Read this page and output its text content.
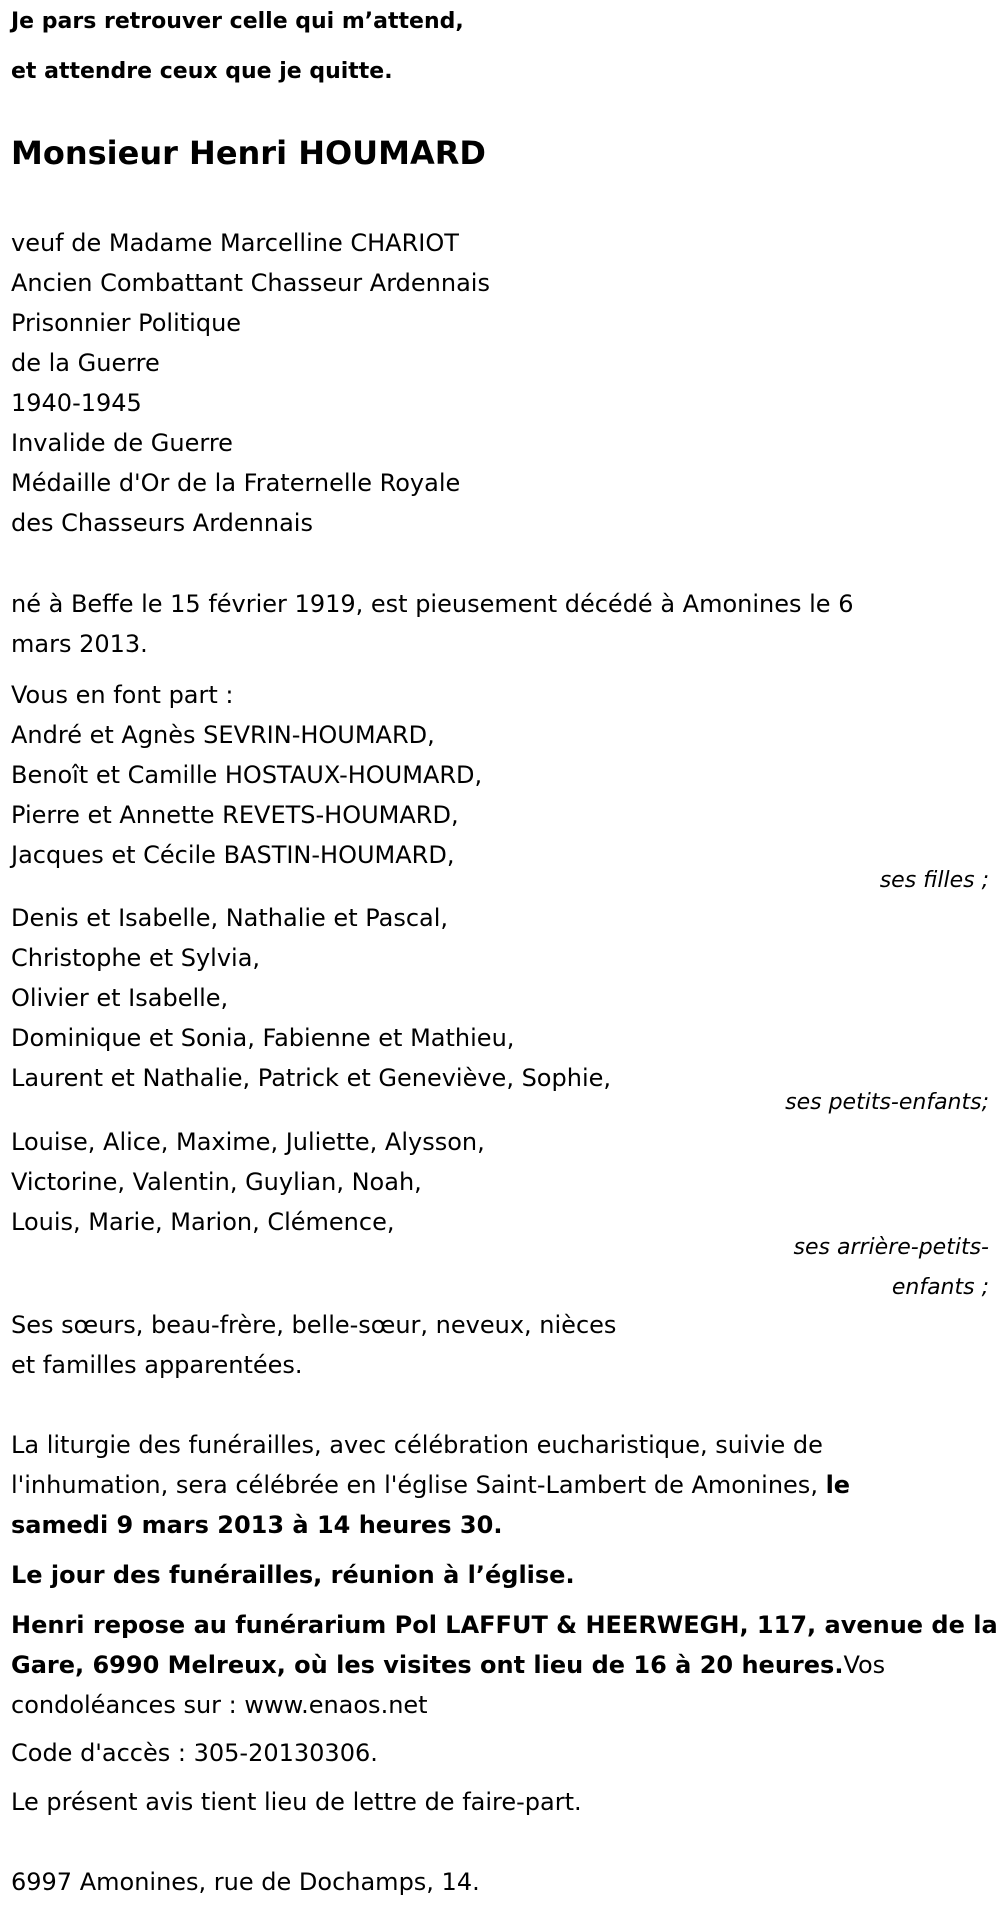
Je pars retrouver celle qui m’attend,

et attendre ceux que je quitte.

Monsieur Henri HOUMARD
veuf de Madame Marcelline CHARIOT
Ancien Combattant Chasseur Ardennais
Prisonnier Politique
de la Guerre
1940-1945
Invalide de Guerre
Médaille d'Or de la Fraternelle Royale
des Chasseurs Ardennais
né à Beffe le 15 février 1919, est pieusement décédé à Amonines le 6
mars 2013.
Vous en font part :
André et Agnès SEVRIN-HOUMARD,
Benoît et Camille HOSTAUX-HOUMARD,
Pierre et Annette REVETS-HOUMARD,
Jacques et Cécile BASTIN-HOUMARD,
ses filles ;
Denis et Isabelle, Nathalie et Pascal,
Christophe et Sylvia,
Olivier et Isabelle,
Dominique et Sonia, Fabienne et Mathieu,
Laurent et Nathalie, Patrick et Geneviève, Sophie,
ses petits-enfants;
Louise, Alice, Maxime, Juliette, Alysson,
Victorine, Valentin, Guylian, Noah,
Louis, Marie, Marion, Clémence,
ses arrière-petits-
enfants ;
Ses sœurs, beau-frère, belle-sœur, neveux, nièces
et familles apparentées.
La liturgie des funérailles, avec célébration eucharistique, suivie de
l'inhumation, sera célébrée en l'église Saint-Lambert de Amonines, le
samedi 9 mars 2013 à 14 heures 30.
Le jour des funérailles, réunion à l’église.
Henri repose au funérarium Pol LAFFUT & HEERWEGH, 117, avenue de la
Gare, 6990 Melreux, où les visites ont lieu de 16 à 20 heures.Vos
condoléances sur : www.enaos.net
Code d'accès : 305-20130306.
Le présent avis tient lieu de lettre de faire-part.
6997 Amonines, rue de Dochamps, 14.
